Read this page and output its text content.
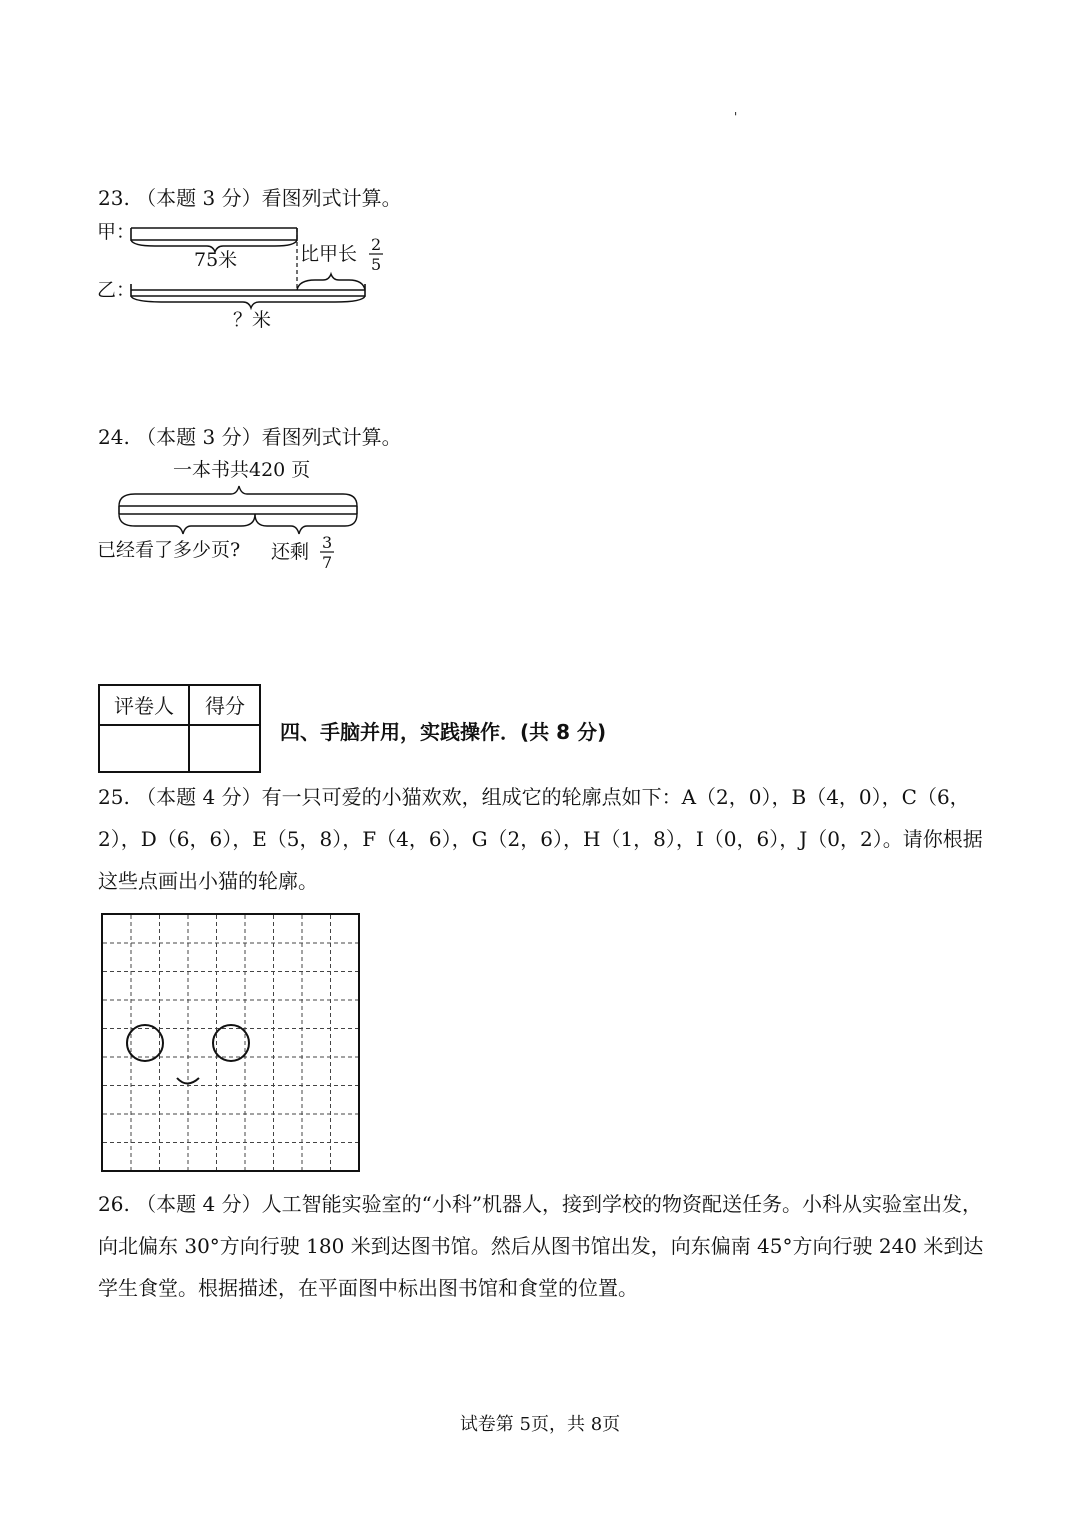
'
23. （本题 3 分）看图列式计算。
甲：
75米	比甲长 2
5
乙：
？米
24. （本题 3 分）看图列式计算。
一本书共420 页
已经看了多少页? 还剩 3
7
评卷人	得分
四、手脑并用，实践操作．(共 8 分)
25. （本题 4 分）有一只可爱的小猫欢欢，组成它的轮廓点如下：A（2，0），B（4，0），C（6，2），D（6，6），E（5，8），F（4，6），G（2，6），H（1，8），I（0，6），J（0，2）。请你根据这些点画出小猫的轮廓。
26. （本题 4 分）人工智能实验室的“小科”机器人，接到学校的物资配送任务。小科从实验室出发，向北偏东 30°方向行驶 180 米到达图书馆。然后从图书馆出发，向东偏南 45°方向行驶 240 米到达学生食堂。根据描述，在平面图中标出图书馆和食堂的位置。
试卷第 5页，共 8页
